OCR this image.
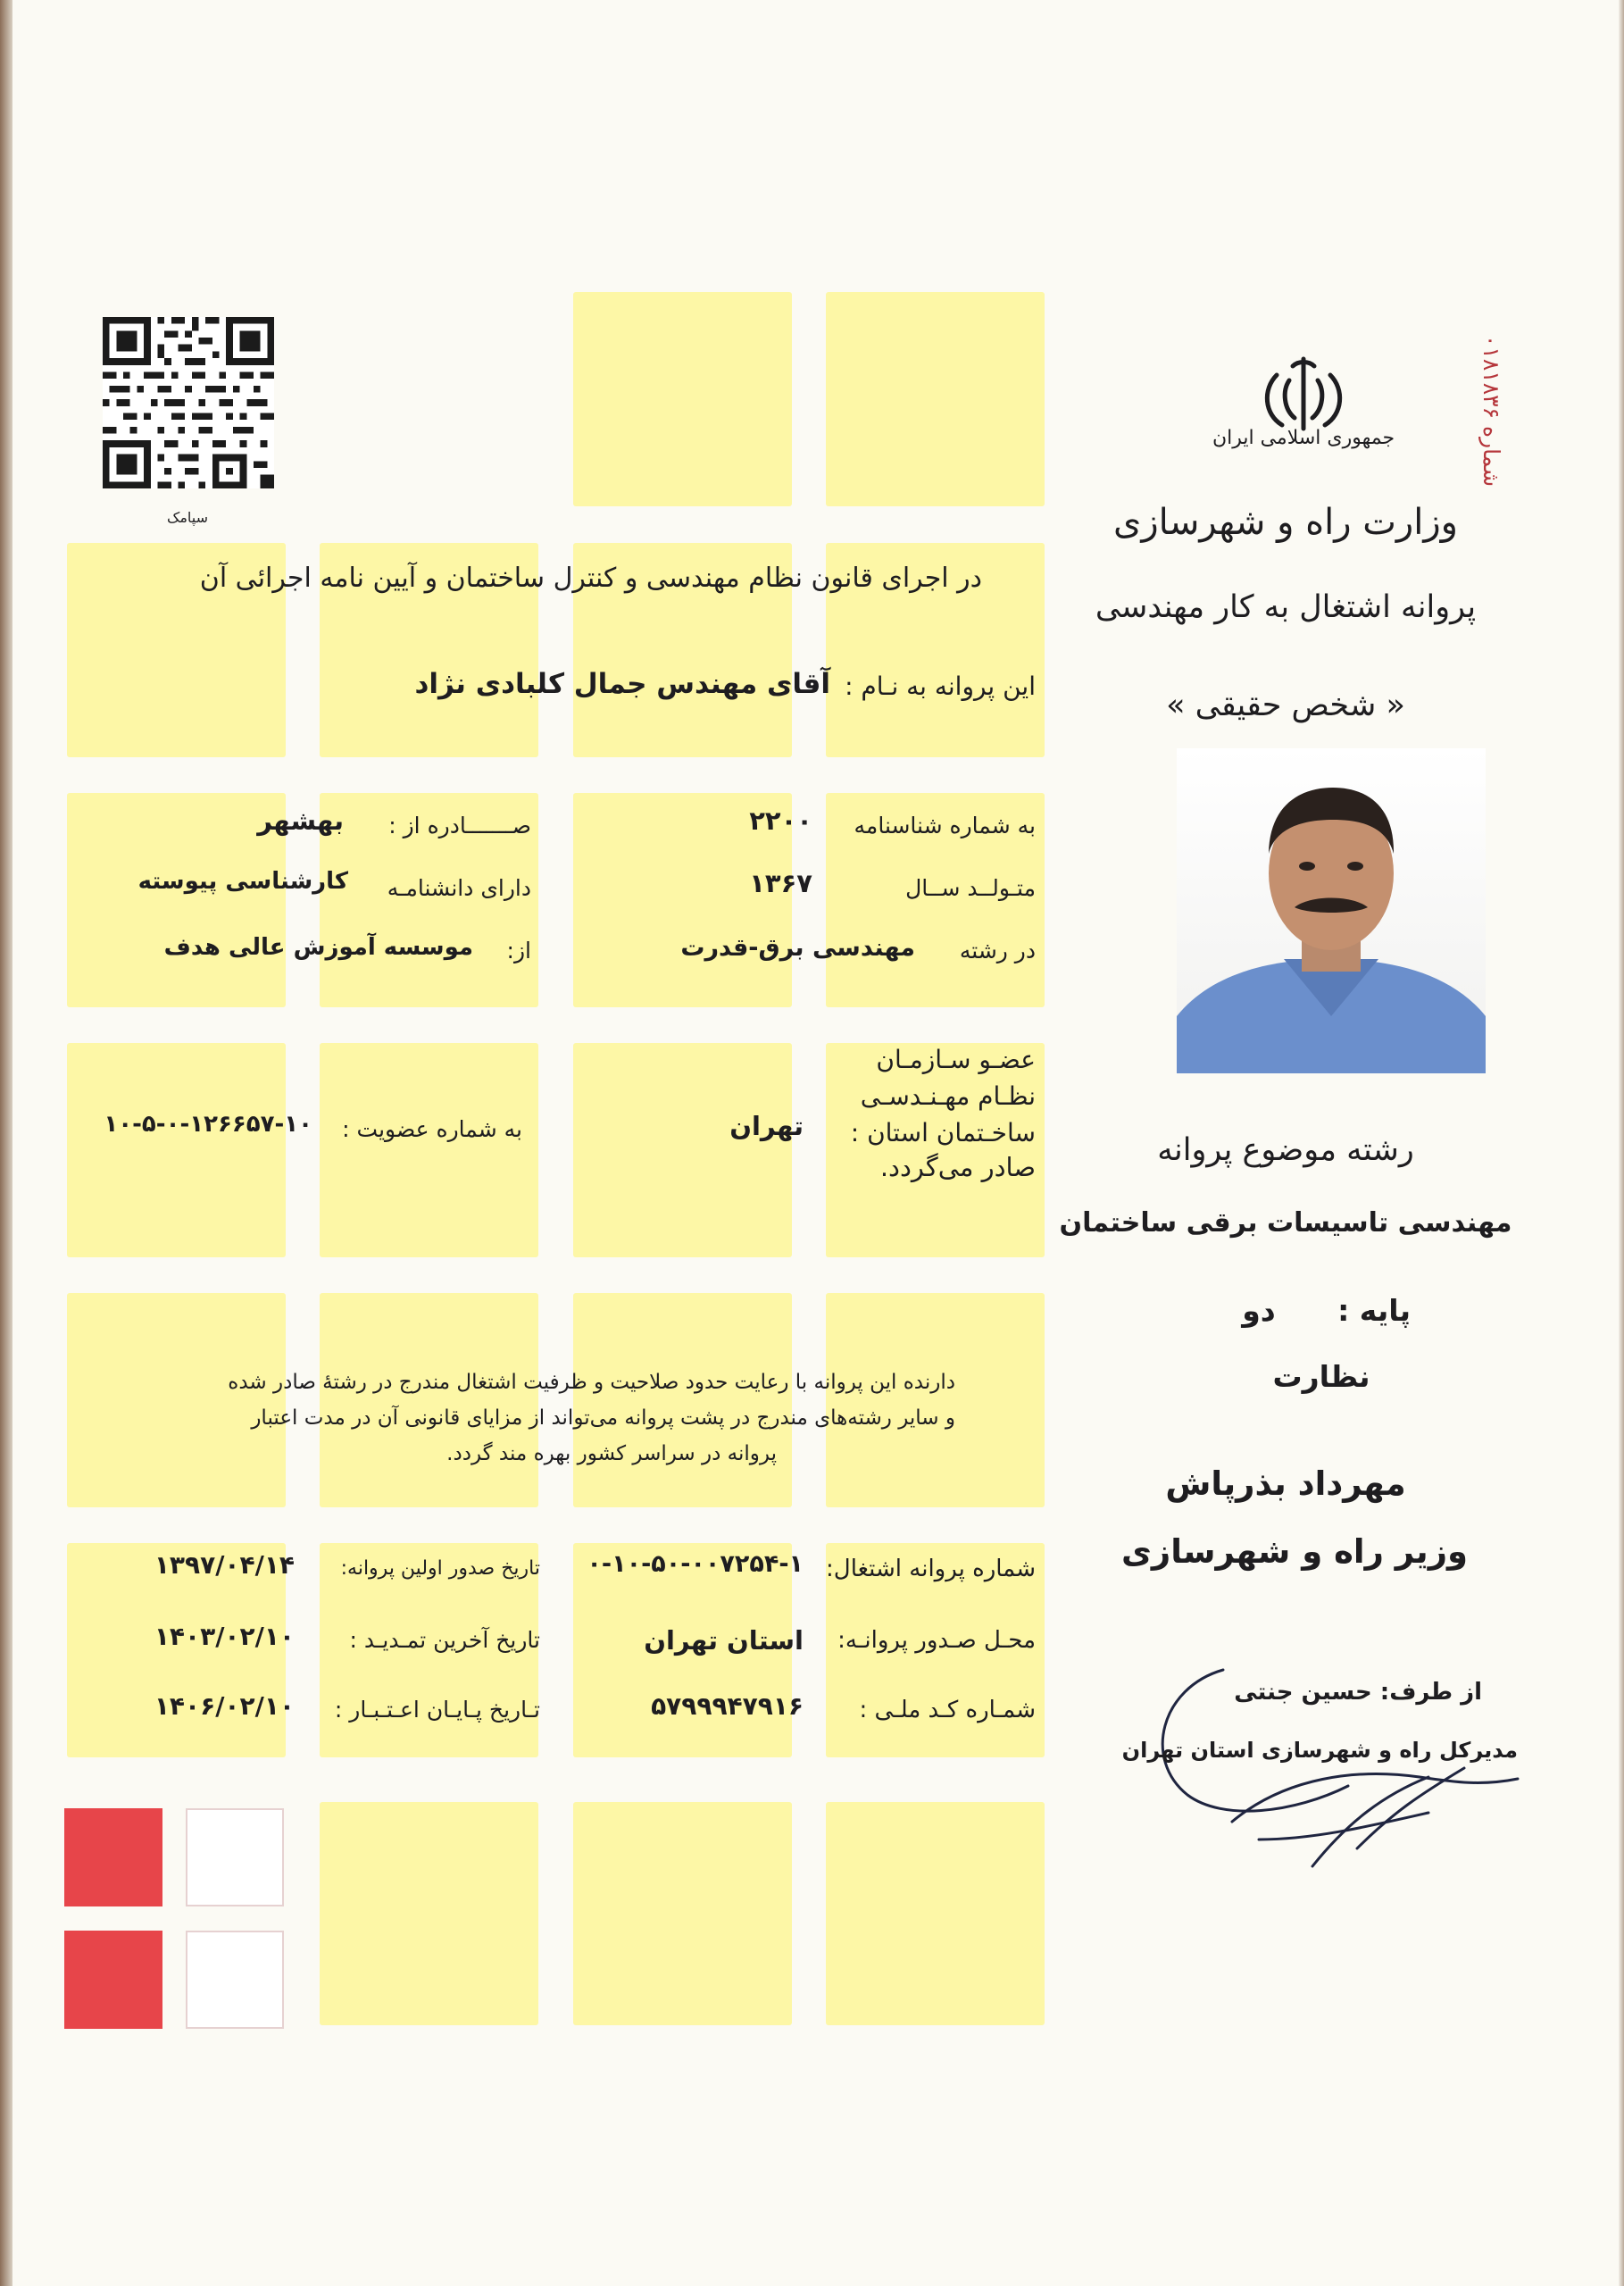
شماره ۰۱۸۱۸۳۶
جمهوری اسلامی ایران
وزارت راه و شهرسازی
پروانه اشتغال به کار مهندسی
« شخص حقیقی »
رشته موضوع پروانه
مهندسی تاسیسات برقی ساختمان
پایه :
دو
نظارت
مهرداد بذرپاش
وزیر راه و شهرسازی
از طرف: حسین جنتی
مدیرکل راه و شهرسازی استان تهران
سپامک
در اجرای قانون نظام مهندسی و کنترل ساختمان و آیین نامه اجرائی آن
این پروانه به نـام :
آقای مهندس جمال کلبادی نژاد
به شماره شناسنامه
۲۲۰۰
متـولــد ســال
۱۳۶۷
در رشته
مهندسی برق-قدرت
صـــــــادره از :
بهشهر
دارای دانشنامـه
کارشناسی پیوسته
از:
موسسه آموزش عالی هدف
عضـو سـازمـان
نظـام مهـنـدسـی
ساخـتمان استان :
تهران
به شماره عضویت :
۱۰-۵-۰-۱۲۶۶۵۷-۱۰
صادر می‌گردد.
دارنده این پروانه با رعایت حدود صلاحیت و ظرفیت اشتغال مندرج در رشتۀ صادر شده
و سایر رشته‌های مندرج در پشت پروانه می‌تواند از مزایای قانونی آن در مدت اعتبار
پروانه در سراسر کشور بهره مند گردد.
شماره پروانه اشتغال:
۰-۱۰-۵۰-۰۰۷۲۵۴-۱
تاریخ صدور اولین پروانه:
۱۳۹۷/۰۴/۱۴
محـل صـدور پروانـه:
استان تهران
تاریخ آخرین تمـدیـد :
۱۴۰۳/۰۲/۱۰
شمـاره کـد ملـی :
۵۷۹۹۹۴۷۹۱۶
تـاریخ پـایـان اعـتـبـار :
۱۴۰۶/۰۲/۱۰
